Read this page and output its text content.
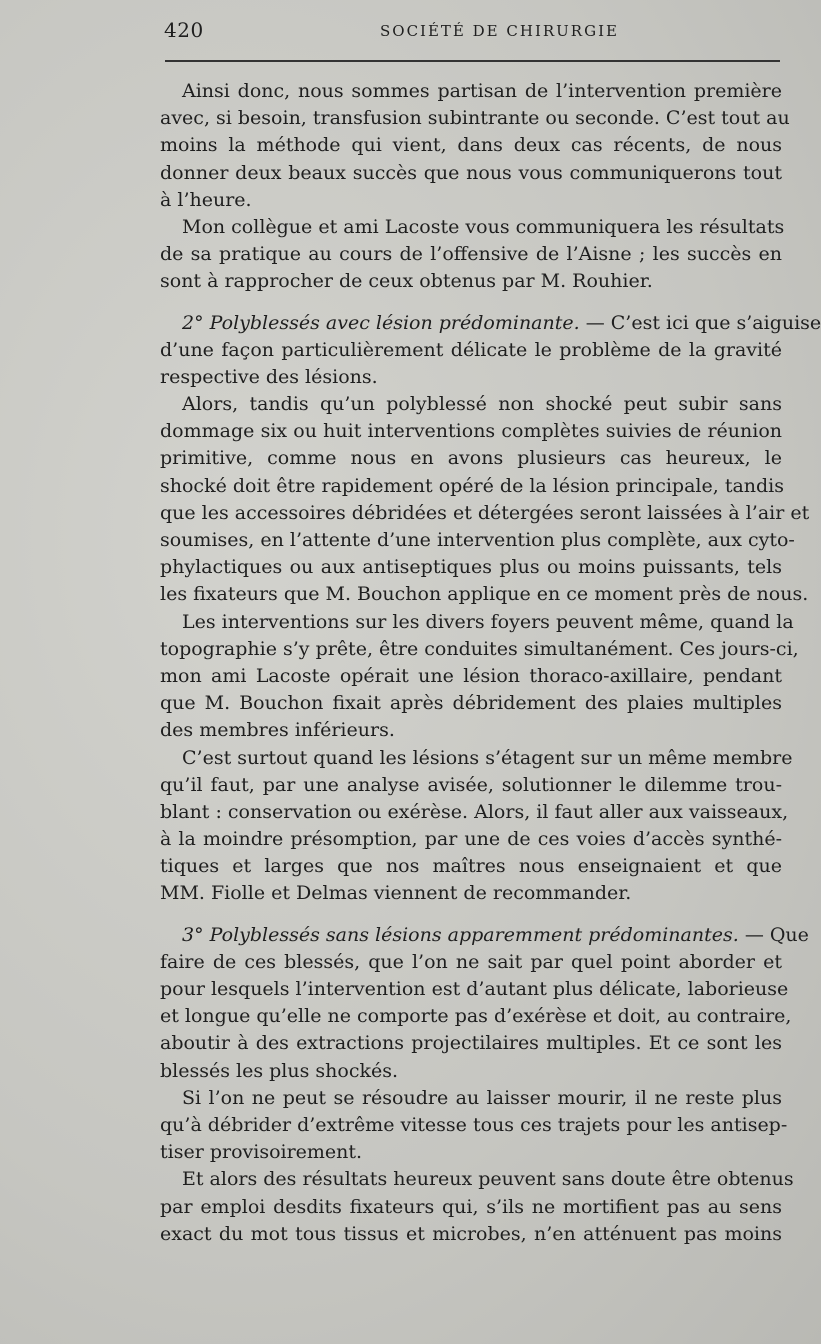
420	SOCIÉTÉ DE CHIRURGIE
Ainsi donc, nous sommes partisan de l’intervention première
avec, si besoin, transfusion subintrante ou seconde. C’est tout au
moins la méthode qui vient, dans deux cas récents, de nous
donner deux beaux succès que nous vous communiquerons tout
à l’heure.
Mon collègue et ami Lacoste vous communiquera les résultats
de sa pratique au cours de l’offensive de l’Aisne ; les succès en
sont à rapprocher de ceux obtenus par M. Rouhier.
2° Polyblessés avec lésion prédominante. — C’est ici que s’aiguise
d’une façon particulièrement délicate le problème de la gravité
respective des lésions.
Alors, tandis qu’un polyblessé non shocké peut subir sans
dommage six ou huit interventions complètes suivies de réunion
primitive, comme nous en avons plusieurs cas heureux, le
shocké doit être rapidement opéré de la lésion principale, tandis
que les accessoires débridées et détergées seront laissées à l’air et
soumises, en l’attente d’une intervention plus complète, aux cyto-
phylactiques ou aux antiseptiques plus ou moins puissants, tels
les fixateurs que M. Bouchon applique en ce moment près de nous.
Les interventions sur les divers foyers peuvent même, quand la
topographie s’y prête, être conduites simultanément. Ces jours-ci,
mon ami Lacoste opérait une lésion thoraco-axillaire, pendant
que M. Bouchon fixait après débridement des plaies multiples
des membres inférieurs.
C’est surtout quand les lésions s’étagent sur un même membre
qu’il faut, par une analyse avisée, solutionner le dilemme trou-
blant : conservation ou exérèse. Alors, il faut aller aux vaisseaux,
à la moindre présomption, par une de ces voies d’accès synthé-
tiques et larges que nos maîtres nous enseignaient et que
MM. Fiolle et Delmas viennent de recommander.
3° Polyblessés sans lésions apparemment prédominantes. — Que
faire de ces blessés, que l’on ne sait par quel point aborder et
pour lesquels l’intervention est d’autant plus délicate, laborieuse
et longue qu’elle ne comporte pas d’exérèse et doit, au contraire,
aboutir à des extractions projectilaires multiples. Et ce sont les
blessés les plus shockés.
Si l’on ne peut se résoudre au laisser mourir, il ne reste plus
qu’à débrider d’extrême vitesse tous ces trajets pour les antisep-
tiser provisoirement.
Et alors des résultats heureux peuvent sans doute être obtenus
par emploi desdits fixateurs qui, s’ils ne mortifient pas au sens
exact du mot tous tissus et microbes, n’en atténuent pas moins
